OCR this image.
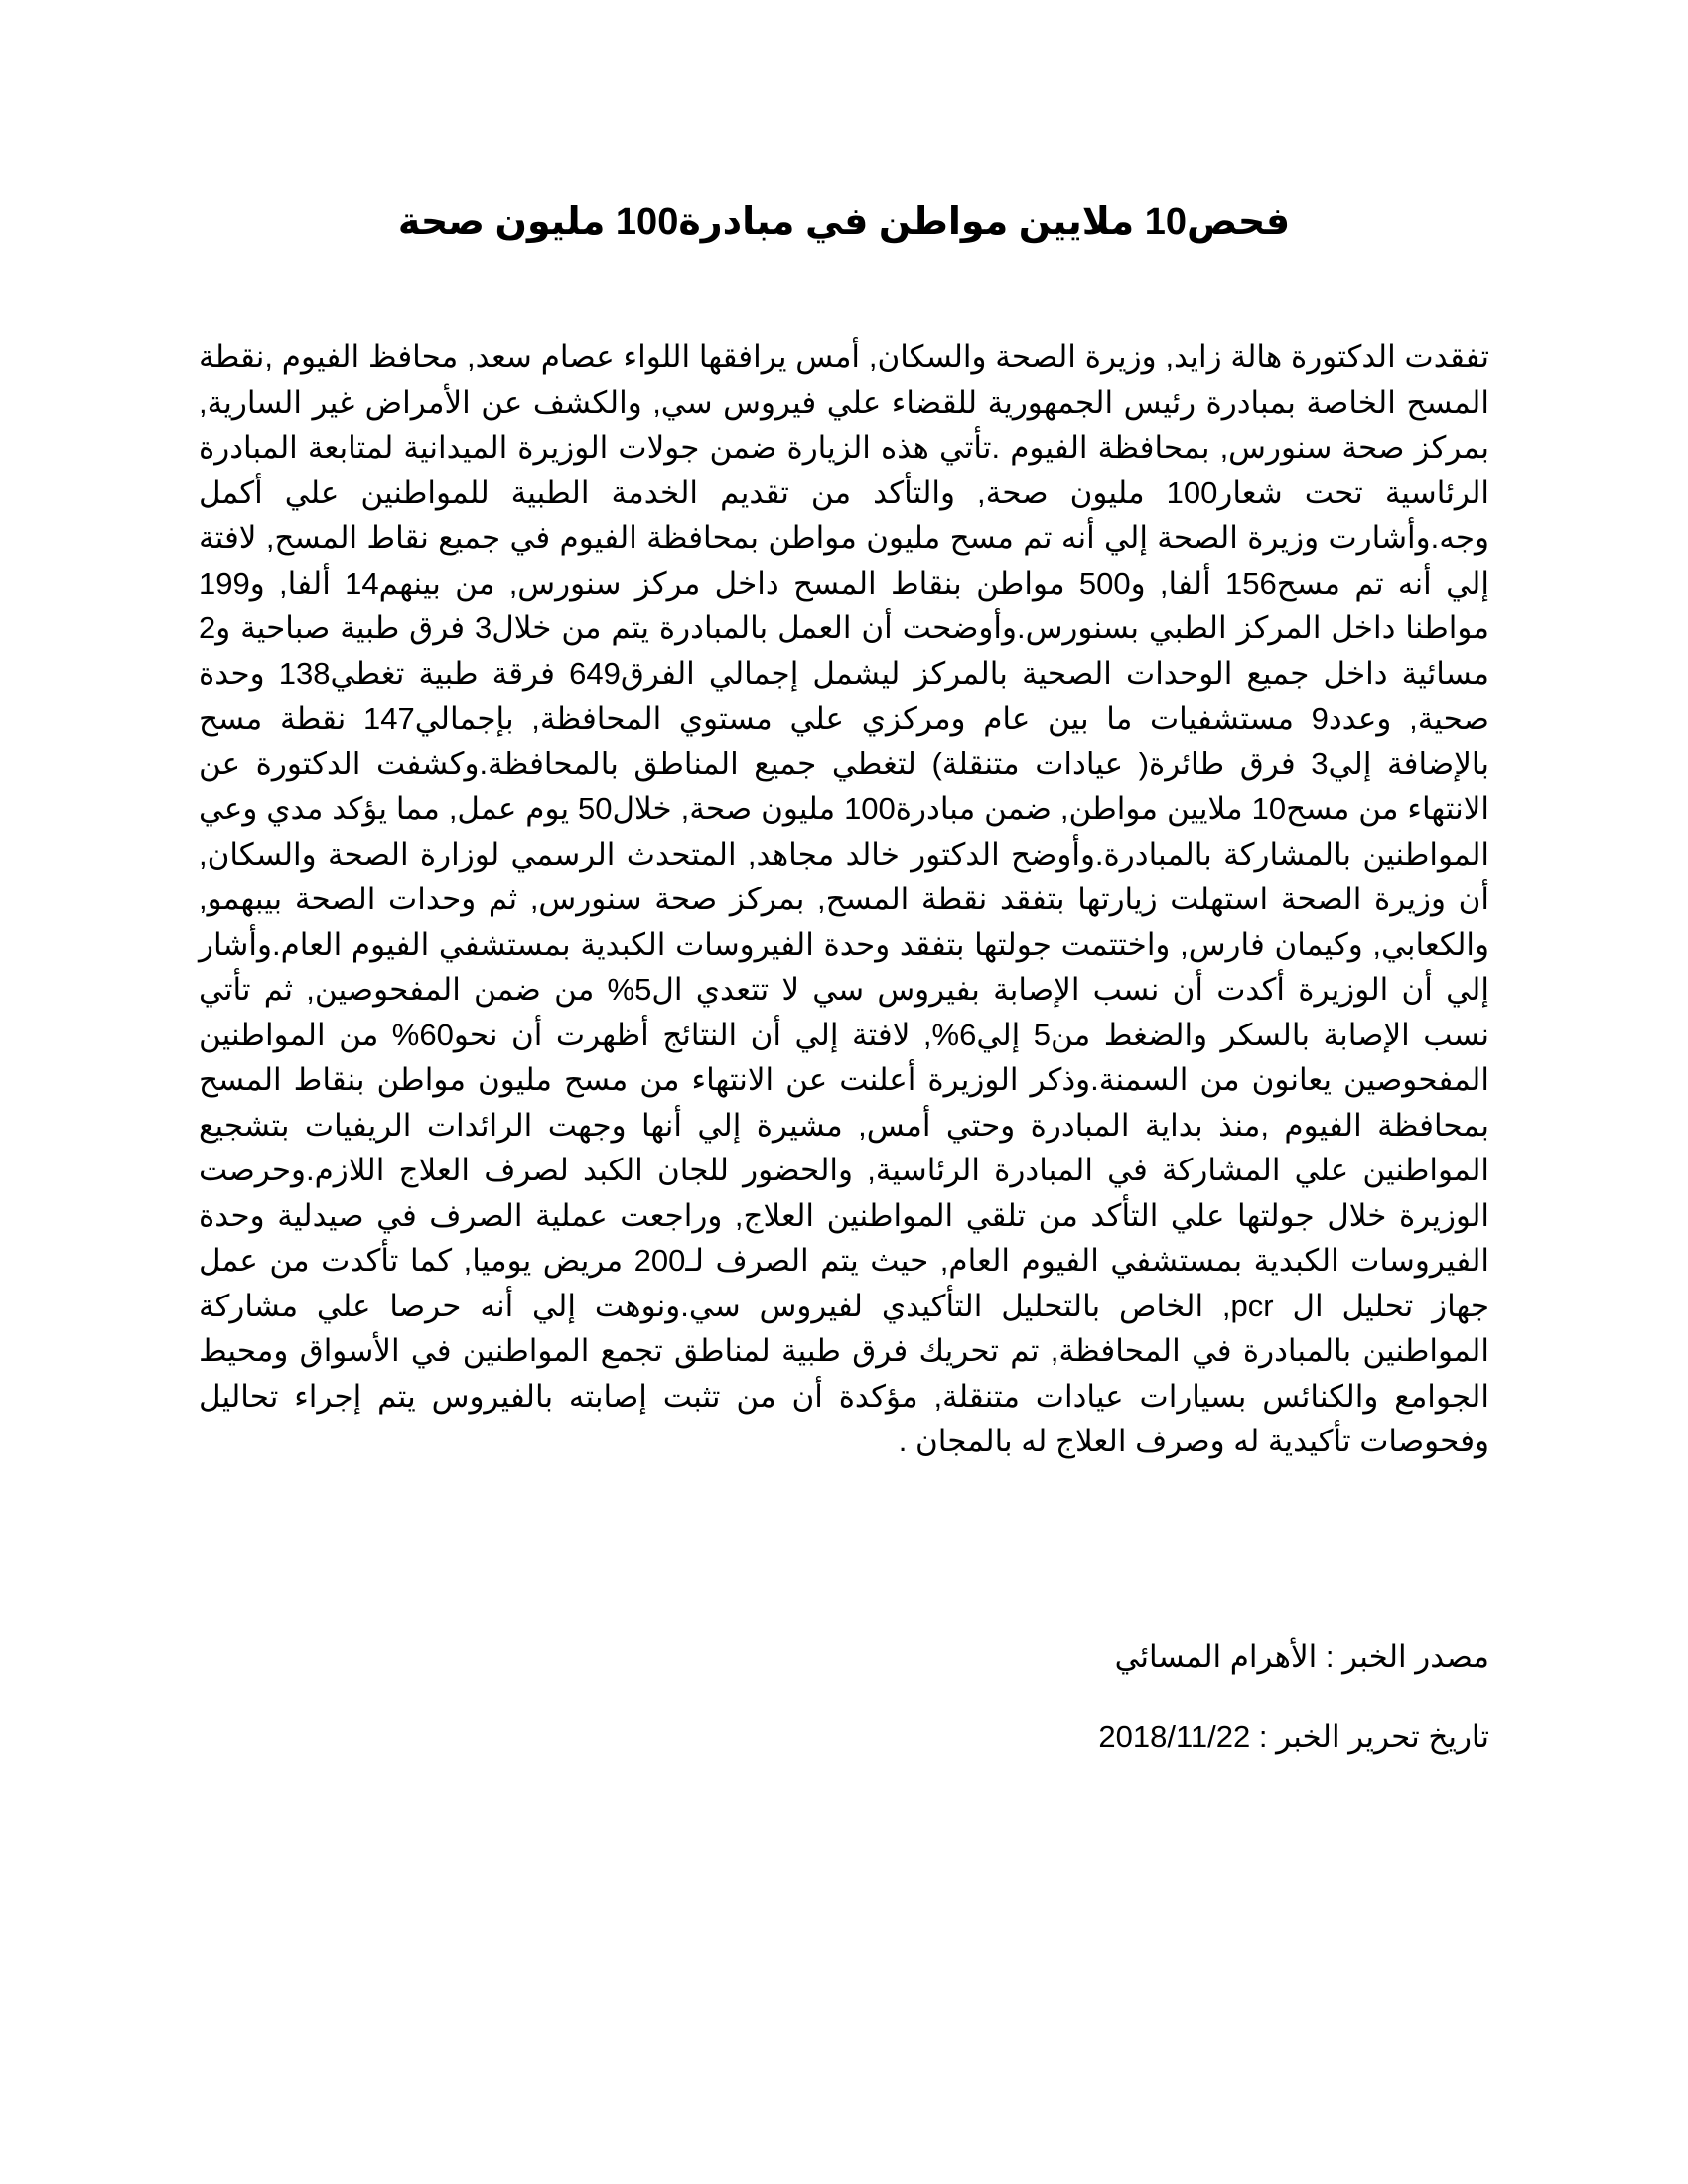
فحص10 ملايين مواطن في مبادرة100 مليون صحة

تفقدت الدكتورة هالة زايد, وزيرة الصحة والسكان, أمس يرافقها اللواء عصام سعد, محافظ الفيوم ,نقطة المسح الخاصة بمبادرة رئيس الجمهورية للقضاء علي فيروس سي, والكشف عن الأمراض غير السارية, بمركز صحة سنورس, بمحافظة الفيوم .تأتي هذه الزيارة ضمن جولات الوزيرة الميدانية لمتابعة المبادرة الرئاسية تحت شعار100 مليون صحة, والتأكد من تقديم الخدمة الطبية للمواطنين علي أكمل وجه.وأشارت وزيرة الصحة إلي أنه تم مسح مليون مواطن بمحافظة الفيوم في جميع نقاط المسح, لافتة إلي أنه تم مسح156 ألفا, و500 مواطن بنقاط المسح داخل مركز سنورس, من بينهم14 ألفا, و199 مواطنا داخل المركز الطبي بسنورس.وأوضحت أن العمل بالمبادرة يتم من خلال3 فرق طبية صباحية و2 مسائية داخل جميع الوحدات الصحية بالمركز ليشمل إجمالي الفرق649 فرقة طبية تغطي138 وحدة صحية, وعدد9 مستشفيات ما بين عام ومركزي علي مستوي المحافظة, بإجمالي147 نقطة مسح بالإضافة إلي3 فرق طائرة( عيادات متنقلة) لتغطي جميع المناطق بالمحافظة.وكشفت الدكتورة عن الانتهاء من مسح10 ملايين مواطن, ضمن مبادرة100 مليون صحة, خلال50 يوم عمل, مما يؤكد مدي وعي المواطنين بالمشاركة بالمبادرة.وأوضح الدكتور خالد مجاهد, المتحدث الرسمي لوزارة الصحة والسكان, أن وزيرة الصحة استهلت زيارتها بتفقد نقطة المسح, بمركز صحة سنورس, ثم وحدات الصحة بيبهمو, والكعابي, وكيمان فارس, واختتمت جولتها بتفقد وحدة الفيروسات الكبدية بمستشفي الفيوم العام.وأشار إلي أن الوزيرة أكدت أن نسب الإصابة بفيروس سي لا تتعدي ال5% من ضمن المفحوصين, ثم تأتي نسب الإصابة بالسكر والضغط من5 إلي6%, لافتة إلي أن النتائج أظهرت أن نحو60% من المواطنين المفحوصين يعانون من السمنة.وذكر الوزيرة أعلنت عن الانتهاء من مسح مليون مواطن بنقاط المسح بمحافظة الفيوم ,منذ بداية المبادرة وحتي أمس, مشيرة إلي أنها وجهت الرائدات الريفيات بتشجيع المواطنين علي المشاركة في المبادرة الرئاسية, والحضور للجان الكبد لصرف العلاج اللازم.وحرصت الوزيرة خلال جولتها علي التأكد من تلقي المواطنين العلاج, وراجعت عملية الصرف في صيدلية وحدة الفيروسات الكبدية بمستشفي الفيوم العام, حيث يتم الصرف لـ200 مريض يوميا, كما تأكدت من عمل جهاز تحليل ال pcr, الخاص بالتحليل التأكيدي لفيروس سي.ونوهت إلي أنه حرصا علي مشاركة المواطنين بالمبادرة في المحافظة, تم تحريك فرق طبية لمناطق تجمع المواطنين في الأسواق ومحيط الجوامع والكنائس بسيارات عيادات متنقلة, مؤكدة أن من تثبت إصابته بالفيروس يتم إجراء تحاليل وفحوصات تأكيدية له وصرف العلاج له بالمجان .

مصدر الخبر : الأهرام المسائي

تاريخ تحرير الخبر : 2018/11/22
